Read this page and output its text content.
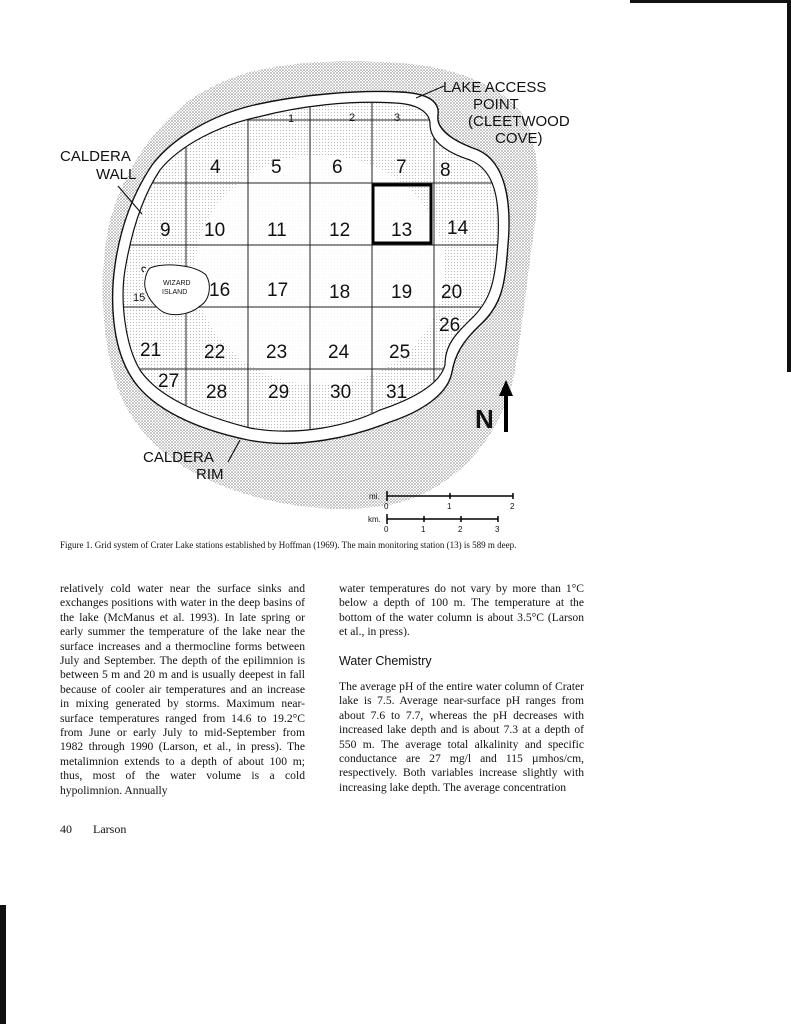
WIZARD
ISLAND
1	2	3
4	5	6	7 8
9 10 11 12 13 14
15	16 17 18 19 20
21 22 23 24 25
26
27
28 29 30 31
CALDERA
WALL
LAKE ACCESS
POINT
(CLEETWOOD
COVE)
CALDERA
RIM
N
mi.
0	1	2
km.
0	1	2	3
Figure 1. Grid system of Crater Lake stations established by Hoffman (1969). The main monitoring station (13) is 589 m deep.

relatively cold water near the surface sinks and exchanges positions with water in the deep basins of the lake (McManus et al. 1993). In late spring or early summer the temperature of the lake near the surface increases and a thermocline forms between July and September. The depth of the epilimnion is between 5 m and 20 m and is usually deepest in fall because of cooler air temperatures and an increase in mixing generated by storms. Maximum near-surface temperatures ranged from 14.6 to 19.2°C from June or early July to mid-September from 1982 through 1990 (Larson, et al., in press). The metalimnion extends to a depth of about 100 m; thus, most of the water volume is a cold hypolimnion. Annually

water temperatures do not vary by more than 1°C below a depth of 100 m. The temperature at the bottom of the water column is about 3.5°C (Larson et al., in press).

Water Chemistry

The average pH of the entire water column of Crater lake is 7.5. Average near-surface pH ranges from about 7.6 to 7.7, whereas the pH decreases with increased lake depth and is about 7.3 at a depth of 550 m. The average total alkalinity and specific conductance are 27 mg/l and 115 µmhos/cm, respectively. Both variables increase slightly with increasing lake depth. The average concentration

40 Larson
